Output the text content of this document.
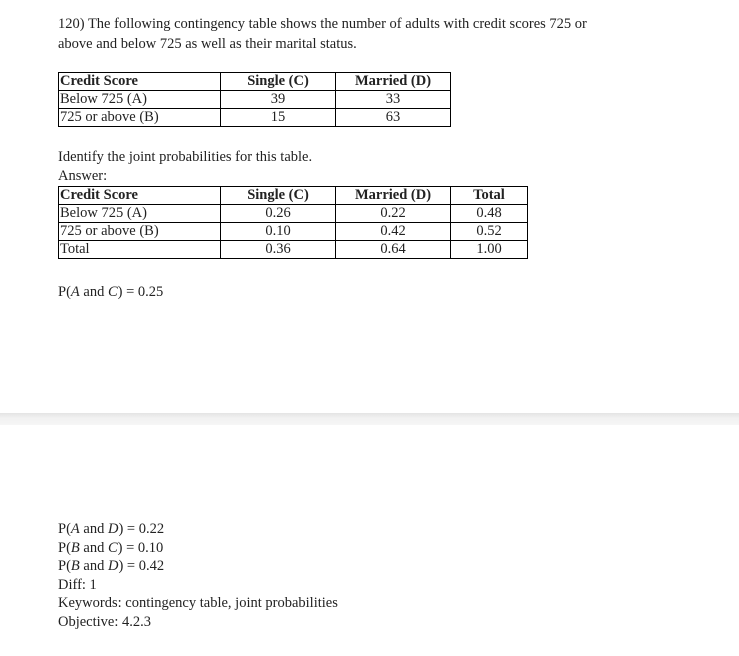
120) The following contingency table shows the number of adults with credit scores 725 or
above and below 725 as well as their marital status.
Credit Score	Single (C)	Married (D)
Below 725 (A)	39	33
725 or above (B)	15	63
Identify the joint probabilities for this table.
Answer:
Credit Score	Single (C)	Married (D)	Total
Below 725 (A)	0.26	0.22	0.48
725 or above (B)	0.10	0.42	0.52
Total	0.36	0.64	1.00
P(A and C) = 0.25
P(A and D) = 0.22
P(B and C) = 0.10
P(B and D) = 0.42
Diff: 1
Keywords: contingency table, joint probabilities
Objective: 4.2.3
